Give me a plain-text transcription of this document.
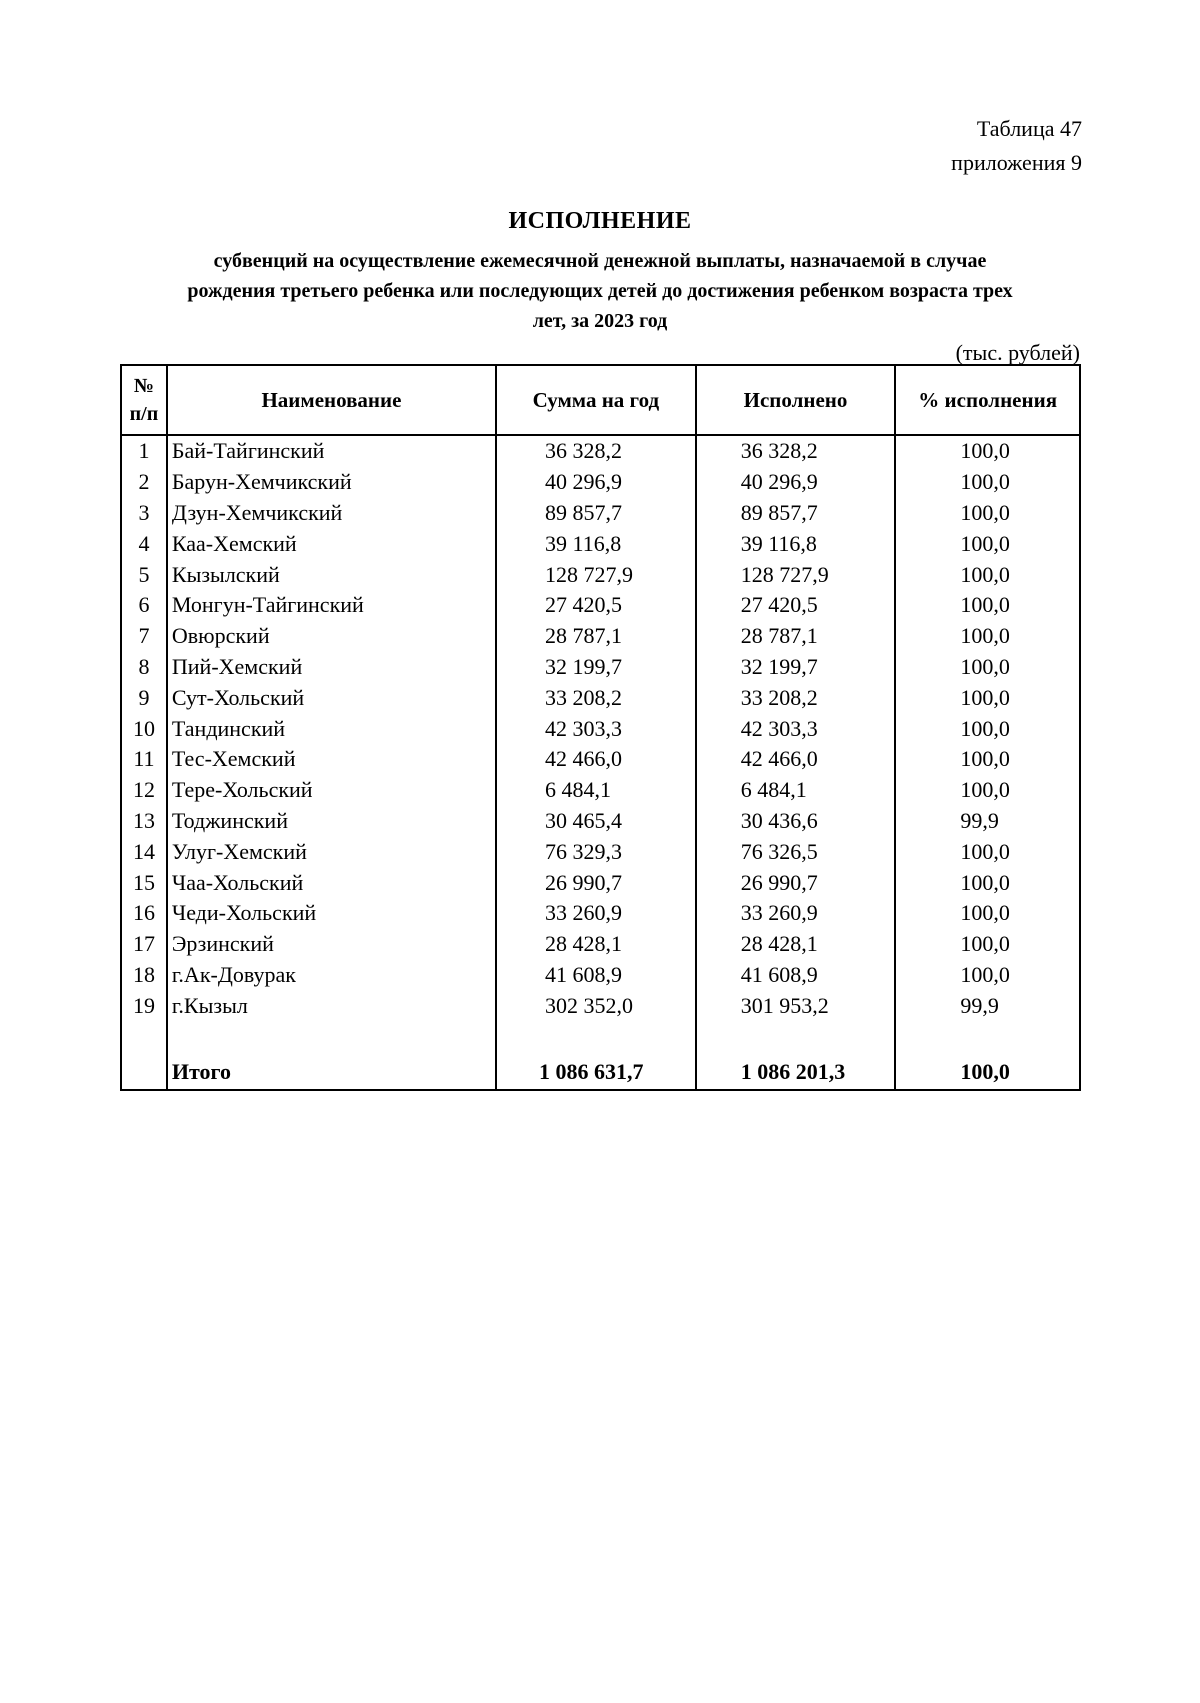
Таблица 47
приложения 9
ИСПОЛНЕНИЕ
субвенций на осуществление ежемесячной денежной выплаты, назначаемой в случае
рождения третьего ребенка или последующих детей до достижения ребенком возраста трех
лет, за 2023 год
(тыс. рублей)
№
п/п	Наименование	Сумма на год	Исполнено	% исполнения
1	Бай-Тайгинский	36 328,2	36 328,2	100,0
2	Барун-Хемчикский	40 296,9	40 296,9	100,0
3	Дзун-Хемчикский	89 857,7	89 857,7	100,0
4	Каа-Хемский	39 116,8	39 116,8	100,0
5	Кызылский	128 727,9	128 727,9	100,0
6	Монгун-Тайгинский	27 420,5	27 420,5	100,0
7	Овюрский	28 787,1	28 787,1	100,0
8	Пий-Хемский	32 199,7	32 199,7	100,0
9	Сут-Хольский	33 208,2	33 208,2	100,0
10	Тандинский	42 303,3	42 303,3	100,0
11	Тес-Хемский	42 466,0	42 466,0	100,0
12	Тере-Хольский	6 484,1	6 484,1	100,0
13	Тоджинский	30 465,4	30 436,6	99,9
14	Улуг-Хемский	76 329,3	76 326,5	100,0
15	Чаа-Хольский	26 990,7	26 990,7	100,0
16	Чеди-Хольский	33 260,9	33 260,9	100,0
17	Эрзинский	28 428,1	28 428,1	100,0
18	г.Ак-Довурак	41 608,9	41 608,9	100,0
19	г.Кызыл	302 352,0	301 953,2	99,9

	Итого	1 086 631,7	1 086 201,3	100,0
